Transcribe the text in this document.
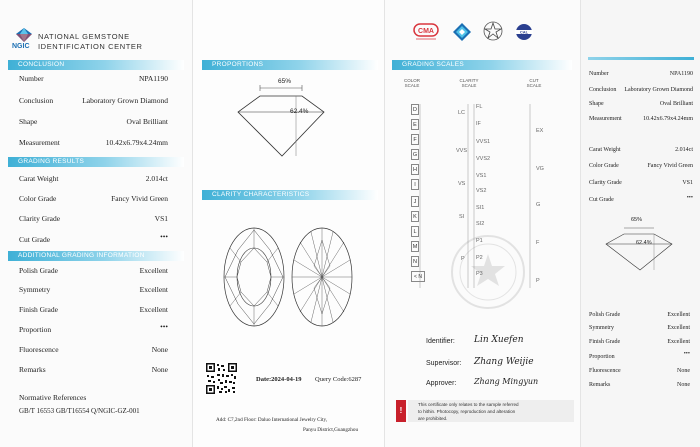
NGIC
NATIONAL GEMSTONE
IDENTIFICATION CENTER
CMA	CAL
CONCLUSION
Number	NPA1190
Conclusion	Laboratory Grown Diamond
Shape	Oval Brilliant
Measurement	10.42x6.79x4.24mm
GRADING RESULTS
Carat Weight	2.014ct
Color Grade	Fancy Vivid Green
Clarity Grade	VS1
Cut Grade	•••
ADDITIONAL GRADING INFORMATION
Polish Grade	Excellent
Symmetry	Excellent
Finish Grade	Excellent
Proportion	•••
Fluorescence	None
Remarks	None
Normative References
GB/T 16553 GB/T16554 Q/NGIC-GZ-001
PROPORTIONS
65%
62.4%
CLARITY CHARACTERISTICS
Date:2024-04-19 Query Code:6287
Add∶ C7,2nd Floor∶ Daluo International Jewelry City,
Panyu District,Guangzhou
GRADING SCALES
COLOR
SCALE
CLARITY
SCALE
CUT
SCALE
D
E
F
G
H
I
J
K
L
M
N
< N
LC
VVS
VS
SI
P
FL
IF
VVS1
VVS2
VS1
VS2
SI1
SI2
P1
P2
P3
EX
VG
G
F
P
Identifier: Lin Xuefen
Supervisor: Zhang Weijie
Approver: Zhang Mingyun
!
This certificate only relates to the sample referred
to hithin. Photocopy, reproduction and alteration
are prohibited.
Number	NPA1190
Conclusion Laboratory Grown Diamond
Shape	Oval Brilliant
Measurement	10.42x6.79x4.24mm
Carat Weight	2.014ct
Color Grade	Fancy Vivid Green
Clarity Grade	VS1
Cut Grade	•••
65%
62.4%
Polish Grade	Excellent
Symmetry	Excellent
Finish Grade	Excellent
Proportion	•••
Fluorescence	None
Remarks	None
